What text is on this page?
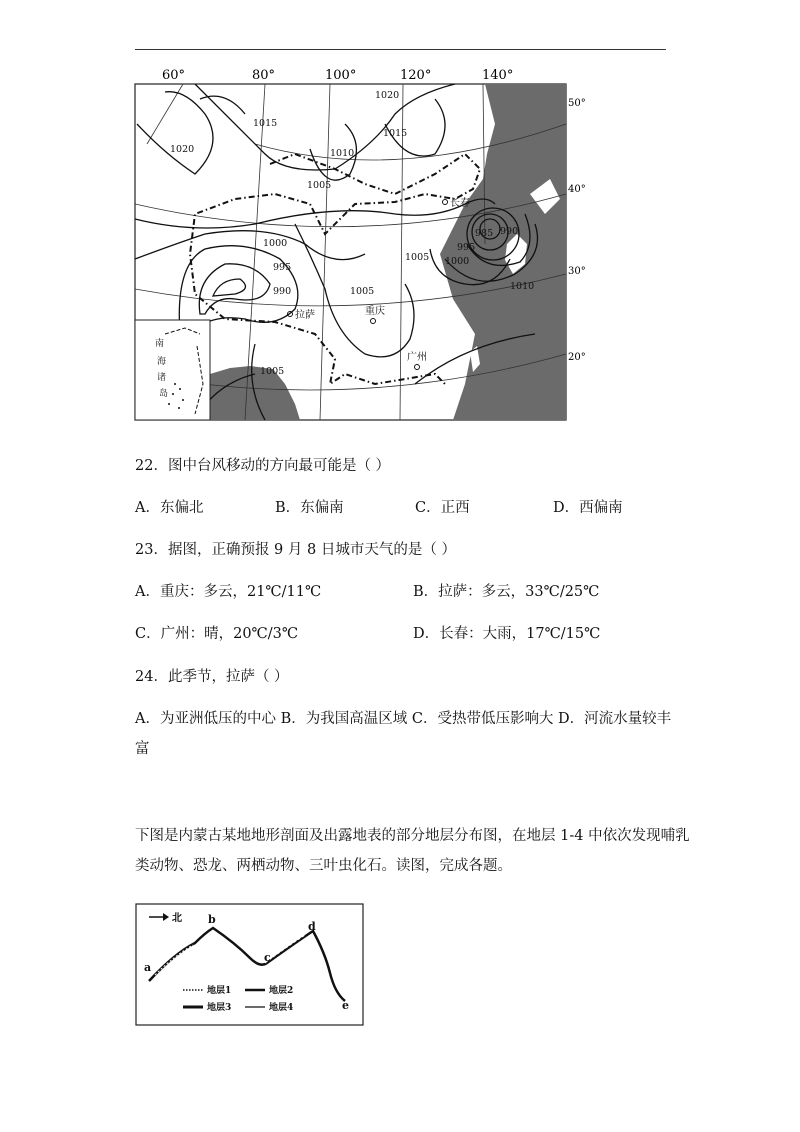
60°	80°	100°	120°	140°
50°
40°
30°
20°
1020
1015
1020
1015
1010
1005
1000
995
990	1005
1005
985
995
990
1000
1010
1005
长春
拉萨	重庆
广州
南
海
诸
岛
22．图中台风移动的方向最可能是（ ）
A．东偏北	B．东偏南	C．正西	D．西偏南
23．据图，正确预报 9 月 8 日城市天气的是（ ）
A．重庆：多云，21℃/11℃	B．拉萨：多云，33℃/25℃
C．广州：晴，20℃/3℃	D．长春：大雨，17℃/15℃
24．此季节，拉萨（ ）
A．为亚洲低压的中心 B．为我国高温区域 C．受热带低压影响大 D．河流水量较丰
富
下图是内蒙古某地地形剖面及出露地表的部分地层分布图，在地层 1-4 中依次发现哺乳
类动物、恐龙、两栖动物、三叶虫化石。读图，完成各题。
北
a
b
c
d
e
地层1	地层2
地层3	地层4
